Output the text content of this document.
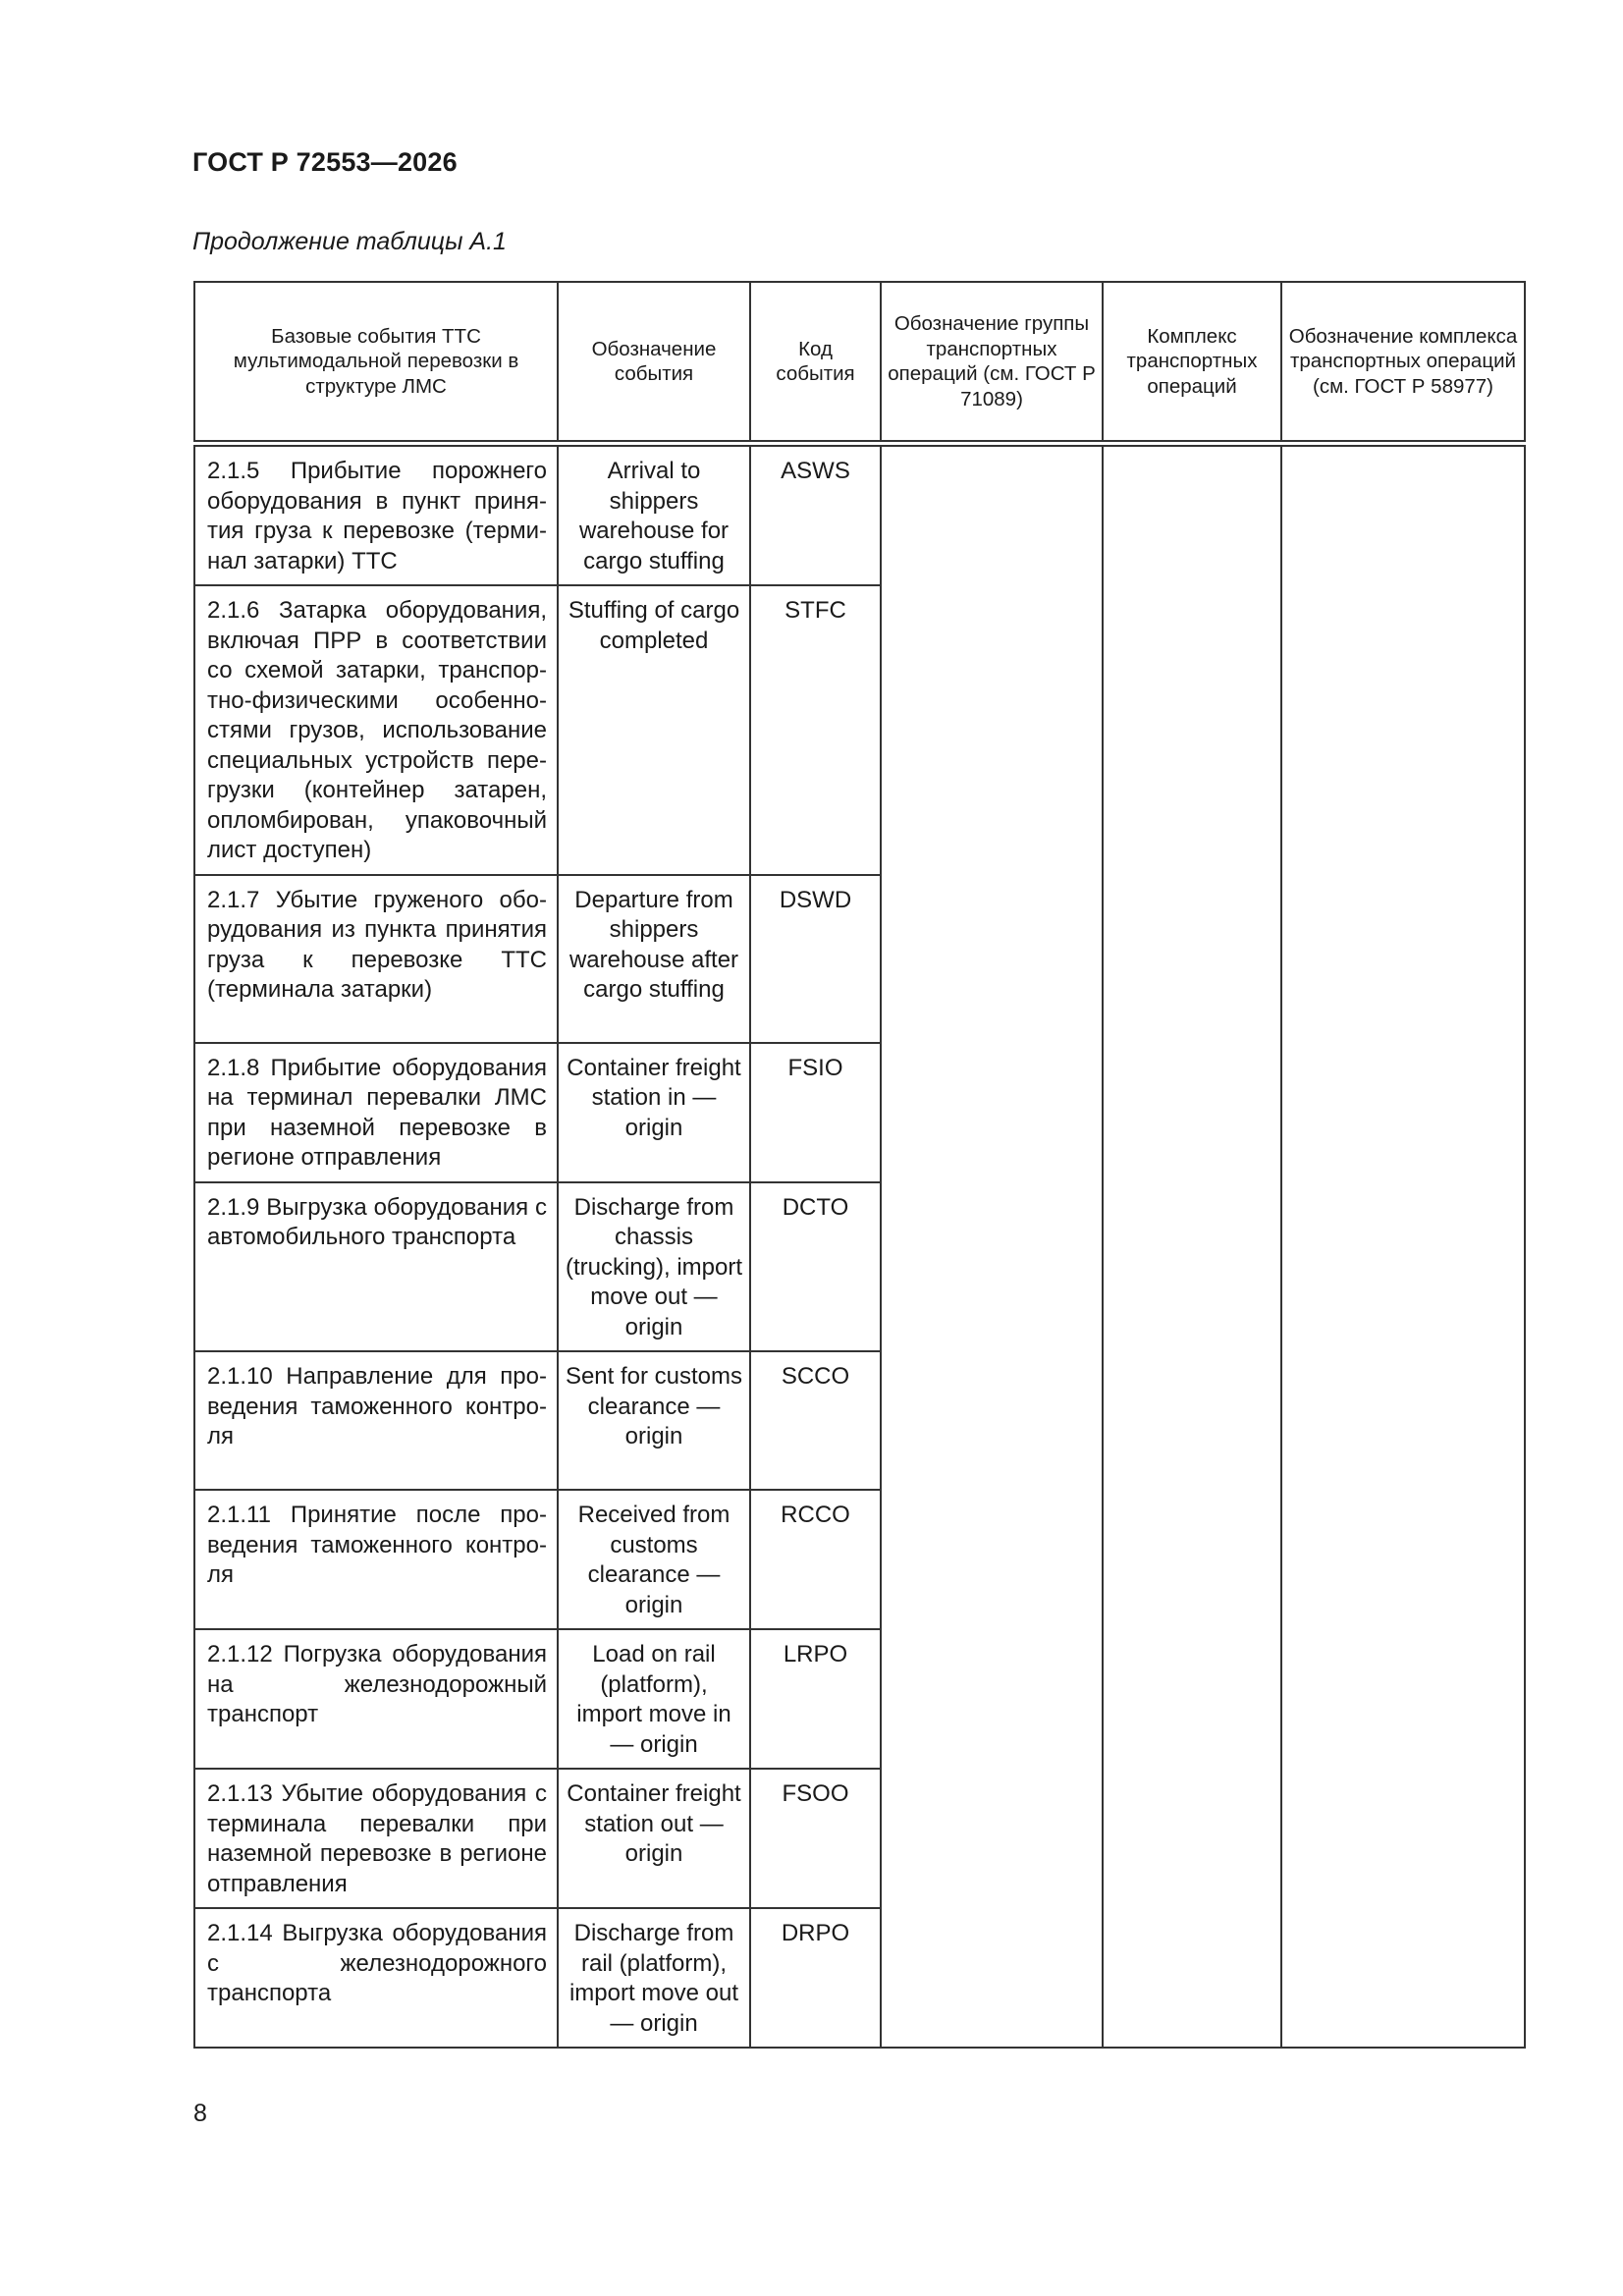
ГОСТ Р 72553—2026
Продолжение таблицы А.1
Базовые события ТТС мультимодальной перевозки в структуре ЛМС	Обозначение события	Код события	Обозначение группы транспортных операций (см. ГОСТ Р 71089)	Комплекс транспортных операций	Обозначение комплекса транспортных операций (см. ГОСТ Р 58977)
2.1.5 Прибытие порожнего оборудования в пункт принятия груза к перевозке (терминал затарки) ТТС	Arrival to shippers warehouse for cargo stuffing	ASWS			
2.1.6 Затарка оборудования, включая ПРР в соответствии со схемой затарки, транспортно-физическими особенностями грузов, использование специальных устройств перегрузки (контейнер затарен, опломбирован, упаковочный лист доступен)	Stuffing of cargo completed	STFC			
2.1.7 Убытие груженого оборудования из пункта принятия груза к перевозке ТТС (терминала затарки)	Departure from shippers warehouse after cargo stuffing	DSWD			
2.1.8 Прибытие оборудования на терминал перевалки ЛМС при наземной перевозке в регионе отправления	Container freight station in — origin	FSIO			
2.1.9 Выгрузка оборудования с автомобильного транспорта	Discharge from chassis (trucking), import move out — origin	DCTO			
2.1.10 Направление для проведения таможенного контроля	Sent for customs clearance — origin	SCCO			
2.1.11 Принятие после проведения таможенного контроля	Received from customs clearance — origin	RCCO			
2.1.12 Погрузка оборудования на железнодорожный транспорт	Load on rail (platform), import move in — origin	LRPO			
2.1.13 Убытие оборудования с терминала перевалки при наземной перевозке в регионе отправления	Container freight station out — origin	FSOO			
2.1.14 Выгрузка оборудования с железнодорожного транспорта	Discharge from rail (platform), import move out — origin	DRPO			
8
